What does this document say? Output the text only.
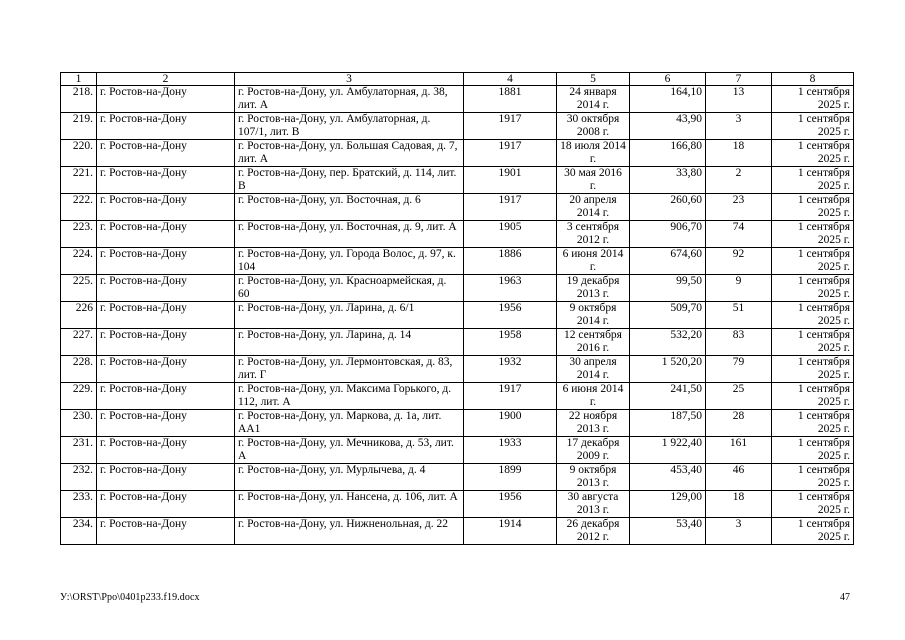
1	2	3	4	5	6	7	8
218.	г. Ростов-на-Дону	г. Ростов-на-Дону, ул. Амбулаторная, д. 38, лит. А	1881	24 января 2014 г.	164,10	13	1 сентября 2025 г.
219.	г. Ростов-на-Дону	г. Ростов-на-Дону, ул. Амбулаторная, д. 107/1, лит. В	1917	30 октября 2008 г.	43,90	3	1 сентября 2025 г.
220.	г. Ростов-на-Дону	г. Ростов-на-Дону, ул. Большая Садовая, д. 7, лит. А	1917	18 июля 2014 г.	166,80	18	1 сентября 2025 г.
221.	г. Ростов-на-Дону	г. Ростов-на-Дону, пер. Братский, д. 114, лит. В	1901	30 мая 2016 г.	33,80	2	1 сентября 2025 г.
222.	г. Ростов-на-Дону	г. Ростов-на-Дону, ул. Восточная, д. 6	1917	20 апреля 2014 г.	260,60	23	1 сентября 2025 г.
223.	г. Ростов-на-Дону	г. Ростов-на-Дону, ул. Восточная, д. 9, лит. А	1905	3 сентября 2012 г.	906,70	74	1 сентября 2025 г.
224.	г. Ростов-на-Дону	г. Ростов-на-Дону, ул. Города Волос, д. 97, к. 104	1886	6 июня 2014 г.	674,60	92	1 сентября 2025 г.
225.	г. Ростов-на-Дону	г. Ростов-на-Дону, ул. Красноармейская, д. 60	1963	19 декабря 2013 г.	99,50	9	1 сентября 2025 г.
226	г. Ростов-на-Дону	г. Ростов-на-Дону, ул. Ларина, д. 6/1	1956	9 октября 2014 г.	509,70	51	1 сентября 2025 г.
227.	г. Ростов-на-Дону	г. Ростов-на-Дону, ул. Ларина, д. 14	1958	12 сентября 2016 г.	532,20	83	1 сентября 2025 г.
228.	г. Ростов-на-Дону	г. Ростов-на-Дону, ул. Лермонтовская, д. 83, лит. Г	1932	30 апреля 2014 г.	1 520,20	79	1 сентября 2025 г.
229.	г. Ростов-на-Дону	г. Ростов-на-Дону, ул. Максима Горького, д. 112, лит. А	1917	6 июня 2014 г.	241,50	25	1 сентября 2025 г.
230.	г. Ростов-на-Дону	г. Ростов-на-Дону, ул. Маркова, д. 1а, лит. АА1	1900	22 ноября 2013 г.	187,50	28	1 сентября 2025 г.
231.	г. Ростов-на-Дону	г. Ростов-на-Дону, ул. Мечникова, д. 53, лит. А	1933	17 декабря 2009 г.	1 922,40	161	1 сентября 2025 г.
232.	г. Ростов-на-Дону	г. Ростов-на-Дону, ул. Мурлычева, д. 4	1899	9 октября 2013 г.	453,40	46	1 сентября 2025 г.
233.	г. Ростов-на-Дону	г. Ростов-на-Дону, ул. Нансена, д. 106, лит. А	1956	30 августа 2013 г.	129,00	18	1 сентября 2025 г.
234.	г. Ростов-на-Дону	г. Ростов-на-Дону, ул. Нижненольная, д. 22	1914	26 декабря 2012 г.	53,40	3	1 сентября 2025 г.
У:\ORST\Ppo\0401p233.f19.docx	47
